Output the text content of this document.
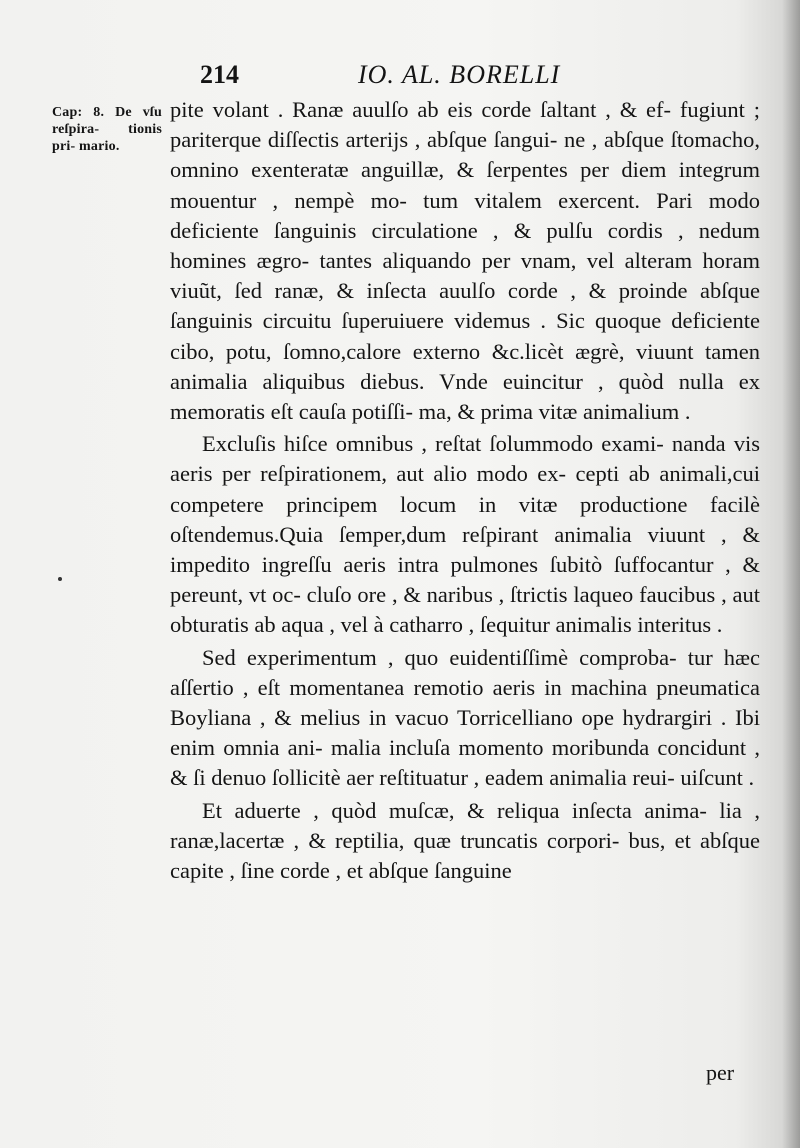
214	IO. AL. BORELLI
Cap: 8. De vſu reſpira- tionis pri- mario.

pite volant . Ranæ auulſo ab eis corde ſaltant , & ef- fugiunt ; pariterque diſſectis arterijs , abſque ſangui- ne , abſque ſtomacho, omnino exenteratæ anguillæ, & ſerpentes per diem integrum mouentur , nempè mo- tum vitalem exercent. Pari modo deficiente ſanguinis circulatione , & pulſu cordis , nedum homines ægro- tantes aliquando per vnam, vel alteram horam viuũt, ſed ranæ, & inſecta auulſo corde , & proinde abſque ſanguinis circuitu ſuperuiuere videmus . Sic quoque deficiente cibo, potu, ſomno,calore externo &c.licèt ægrè, viuunt tamen animalia aliquibus diebus. Vnde euincitur , quòd nulla ex memoratis eſt cauſa potiſſi- ma, & prima vitæ animalium .

Excluſis hiſce omnibus , reſtat ſolummodo exami- nanda vis aeris per reſpirationem, aut alio modo ex- cepti ab animali,cui competere principem locum in vitæ productione facilè oſtendemus.Quia ſemper,dum reſpirant animalia viuunt , & impedito ingreſſu aeris intra pulmones ſubitò ſuffocantur , & pereunt, vt oc- cluſo ore , & naribus , ſtrictis laqueo faucibus , aut obturatis ab aqua , vel à catharro , ſequitur animalis interitus .

Sed experimentum , quo euidentiſſimè comproba- tur hæc aſſertio , eſt momentanea remotio aeris in machina pneumatica Boyliana , & melius in vacuo Torricelliano ope hydrargiri . Ibi enim omnia ani- malia incluſa momento moribunda concidunt , & ſi denuo ſollicitè aer reſtituatur , eadem animalia reui- uiſcunt .

Et aduerte , quòd muſcæ, & reliqua inſecta anima- lia , ranæ,lacertæ , & reptilia, quæ truncatis corpori- bus, et abſque capite , ſine corde , et abſque ſanguine

per
